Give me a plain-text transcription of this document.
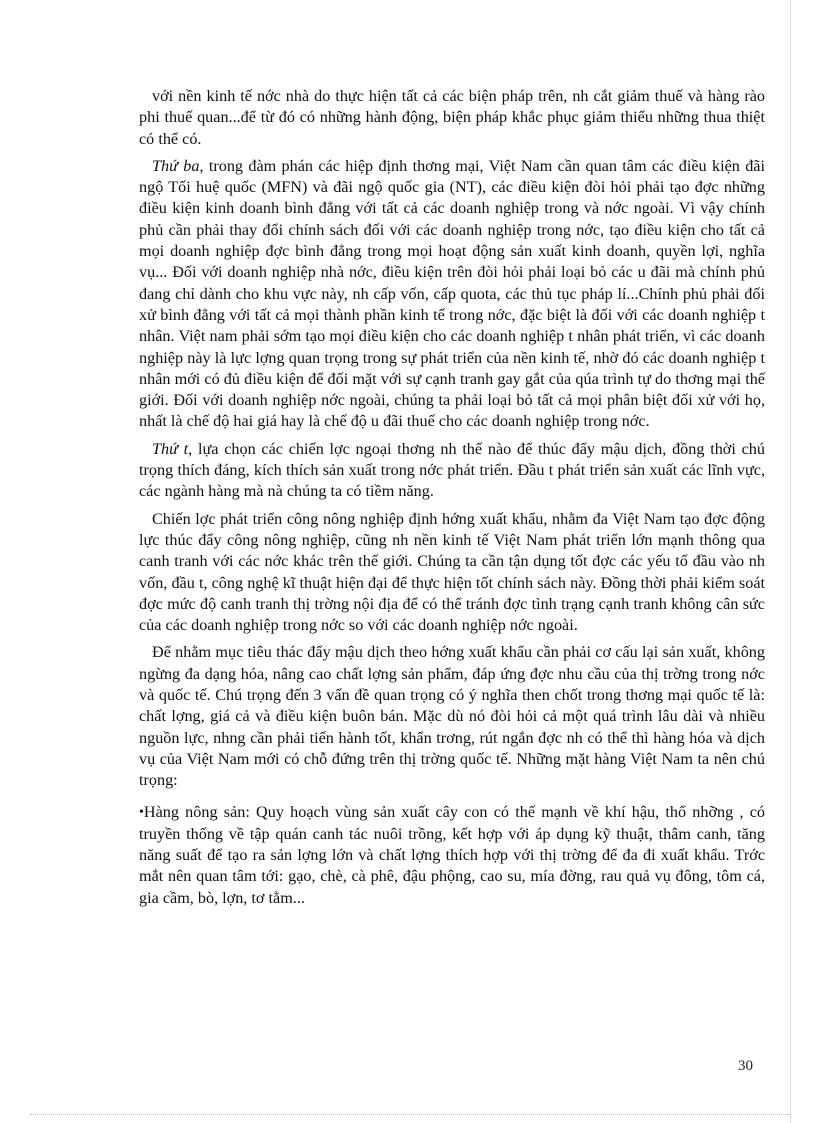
với nền kinh tế nớc nhà do thực hiện tất cả các biện pháp trên, nh cắt giảm thuế và hàng rào phi thuế quan...để từ đó có những hành động, biện pháp khắc phục giảm thiểu những thua thiệt có thể có.

Thứ ba, trong đàm phán các hiệp định thơng mại, Việt Nam cần quan tâm các điều kiện đãi ngộ Tối huệ quốc (MFN) và đãi ngộ quốc gia (NT), các điều kiện đòi hỏi phải tạo đợc những điều kiện kinh doanh bình đẳng với tất cả các doanh nghiệp trong và nớc ngoài. Vì vậy chính phủ cần phải thay đổi chính sách đối với các doanh nghiệp trong nớc, tạo điều kiện cho tất cả mọi doanh nghiệp đợc bình đẳng trong mọi hoạt động sản xuất kinh doanh, quyền lợi, nghĩa vụ... Đối với doanh nghiệp nhà nớc, điều kiện trên đòi hỏi phải loại bỏ các u đãi mà chính phủ đang chỉ dành cho khu vực này, nh cấp vốn, cấp quota, các thủ tục pháp lí...Chính phủ phải đối xử bình đẳng với tất cả mọi thành phần kinh tế trong nớc, đặc biệt là đối với các doanh nghiệp t nhân. Việt nam phải sớm tạo mọi điều kiện cho các doanh nghiệp t nhân phát triển, vì các doanh nghiệp này là lực lợng quan trọng trong sự phát triển của nền kinh tế, nhờ đó các doanh nghiệp t nhân mới có đủ điều kiện để đối mặt với sự cạnh tranh gay gắt của qúa trình tự do thơng mại thế giới. Đối với doanh nghiệp nớc ngoài, chúng ta phải loại bỏ tất cả mọi phân biệt đối xử với họ, nhất là chế độ hai giá hay là chế độ u đãi thuế cho các doanh nghiệp trong nớc.

Thứ t, lựa chọn các chiến lợc ngoại thơng nh thế nào để thúc đẩy mậu dịch, đồng thời chú trọng thích đáng, kích thích sản xuất trong nớc phát triển. Đầu t phát triển sản xuất các lĩnh vực, các ngành hàng mà nà chúng ta có tiềm năng.

Chiến lợc phát triển công nông nghiệp định hớng xuất khẩu, nhằm đa Việt Nam tạo đợc động lực thúc đẩy công nông nghiệp, cũng nh nền kinh tế Việt Nam phát triển lớn mạnh thông qua canh tranh với các nớc khác trên thế giới. Chúng ta cần tận dụng tốt đợc các yếu tố đầu vào nh vốn, đầu t, công nghệ kĩ thuật hiện đại để thực hiện tốt chính sách này. Đồng thời phải kiểm soát đợc mức độ canh tranh thị trờng nội địa để có thể tránh đợc tình trạng cạnh tranh không cân sức của các doanh nghiệp trong nớc so với các doanh nghiệp nớc ngoài.

Để nhằm mục tiêu thác đẩy mậu dịch theo hớng xuất khẩu cần phải cơ cấu lại sản xuất, không ngừng đa dạng hóa, nâng cao chất lợng sản phẩm, đáp ứng đợc nhu cầu của thị trờng trong nớc và quốc tế. Chú trọng đến 3 vấn đề quan trọng có ý nghĩa then chốt trong thơng mại quốc tế là: chất lợng, giá cả và điều kiện buôn bán. Mặc dù nó đòi hỏi cả một quá trình lâu dài và nhiều nguồn lực, nhng cần phải tiến hành tốt, khẩn trơng, rút ngắn đợc nh có thể thì hàng hóa và dịch vụ của Việt Nam mới có chỗ đứng trên thị trờng quốc tế. Những mặt hàng Việt Nam ta nên chú trọng:

•Hàng nông sản: Quy hoạch vùng sản xuất cây con có thế mạnh về khí hậu, thổ nhỡng , có truyền thống về tập quán canh tác nuôi trồng, kết hợp với áp dụng kỹ thuật, thâm canh, tăng năng suất để tạo ra sản lợng lớn và chất lợng thích hợp với thị trờng để đa đi xuất khẩu. Trớc mắt nên quan tâm tới: gạo, chè, cà phê, đậu phộng, cao su, mía đờng, rau quả vụ đông, tôm cá, gia cầm, bò, lợn, tơ tằm...

30
